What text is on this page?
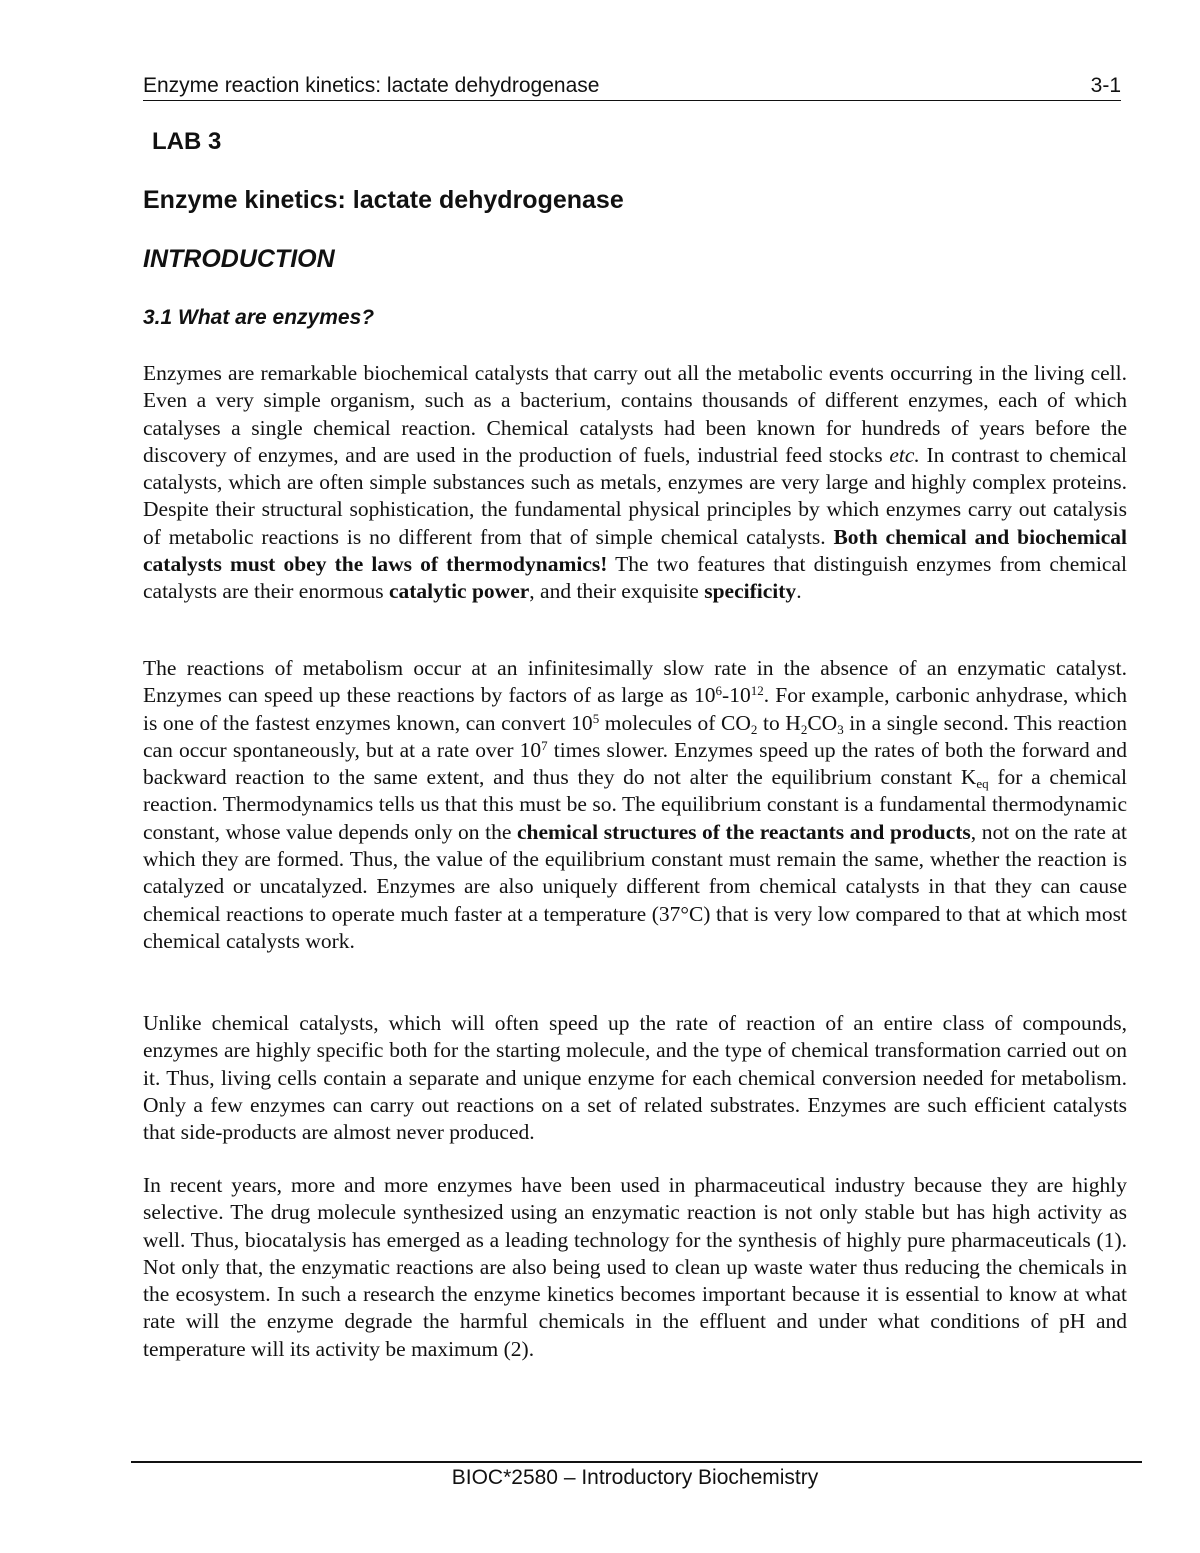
Enzyme reaction kinetics: lactate dehydrogenase	3-1
LAB 3
Enzyme kinetics: lactate dehydrogenase
INTRODUCTION
3.1 What are enzymes?

Enzymes are remarkable biochemical catalysts that carry out all the metabolic events occurring in the living cell. Even a very simple organism, such as a bacterium, contains thousands of different enzymes, each of which catalyses a single chemical reaction. Chemical catalysts had been known for hundreds of years before the discovery of enzymes, and are used in the production of fuels, industrial feed stocks etc. In contrast to chemical catalysts, which are often simple substances such as metals, enzymes are very large and highly complex proteins. Despite their structural sophistication, the fundamental physical principles by which enzymes carry out catalysis of metabolic reactions is no different from that of simple chemical catalysts. Both chemical and biochemical catalysts must obey the laws of thermodynamics! The two features that distinguish enzymes from chemical catalysts are their enormous catalytic power, and their exquisite specificity.

The reactions of metabolism occur at an infinitesimally slow rate in the absence of an enzymatic catalyst. Enzymes can speed up these reactions by factors of as large as $10^6-10^{12}$. For example, carbonic anhydrase, which is one of the fastest enzymes known, can convert $10^5$ molecules of $CO_2$ to $H_2CO_3$ in a single second. This reaction can occur spontaneously, but at a rate over $10^7$ times slower. Enzymes speed up the rates of both the forward and backward reaction to the same extent, and thus they do not alter the equilibrium constant $K_{eq}$ for a chemical reaction. Thermodynamics tells us that this must be so. The equilibrium constant is a fundamental thermodynamic constant, whose value depends only on the chemical structures of the reactants and products, not on the rate at which they are formed. Thus, the value of the equilibrium constant must remain the same, whether the reaction is catalyzed or uncatalyzed. Enzymes are also uniquely different from chemical catalysts in that they can cause chemical reactions to operate much faster at a temperature (37°C) that is very low compared to that at which most chemical catalysts work.

Unlike chemical catalysts, which will often speed up the rate of reaction of an entire class of compounds, enzymes are highly specific both for the starting molecule, and the type of chemical transformation carried out on it. Thus, living cells contain a separate and unique enzyme for each chemical conversion needed for metabolism. Only a few enzymes can carry out reactions on a set of related substrates. Enzymes are such efficient catalysts that side-products are almost never produced.

In recent years, more and more enzymes have been used in pharmaceutical industry because they are highly selective. The drug molecule synthesized using an enzymatic reaction is not only stable but has high activity as well. Thus, biocatalysis has emerged as a leading technology for the synthesis of highly pure pharmaceuticals (1). Not only that, the enzymatic reactions are also being used to clean up waste water thus reducing the chemicals in the ecosystem. In such a research the enzyme kinetics becomes important because it is essential to know at what rate will the enzyme degrade the harmful chemicals in the effluent and under what conditions of pH and temperature will its activity be maximum (2).

BIOC*2580 – Introductory Biochemistry
